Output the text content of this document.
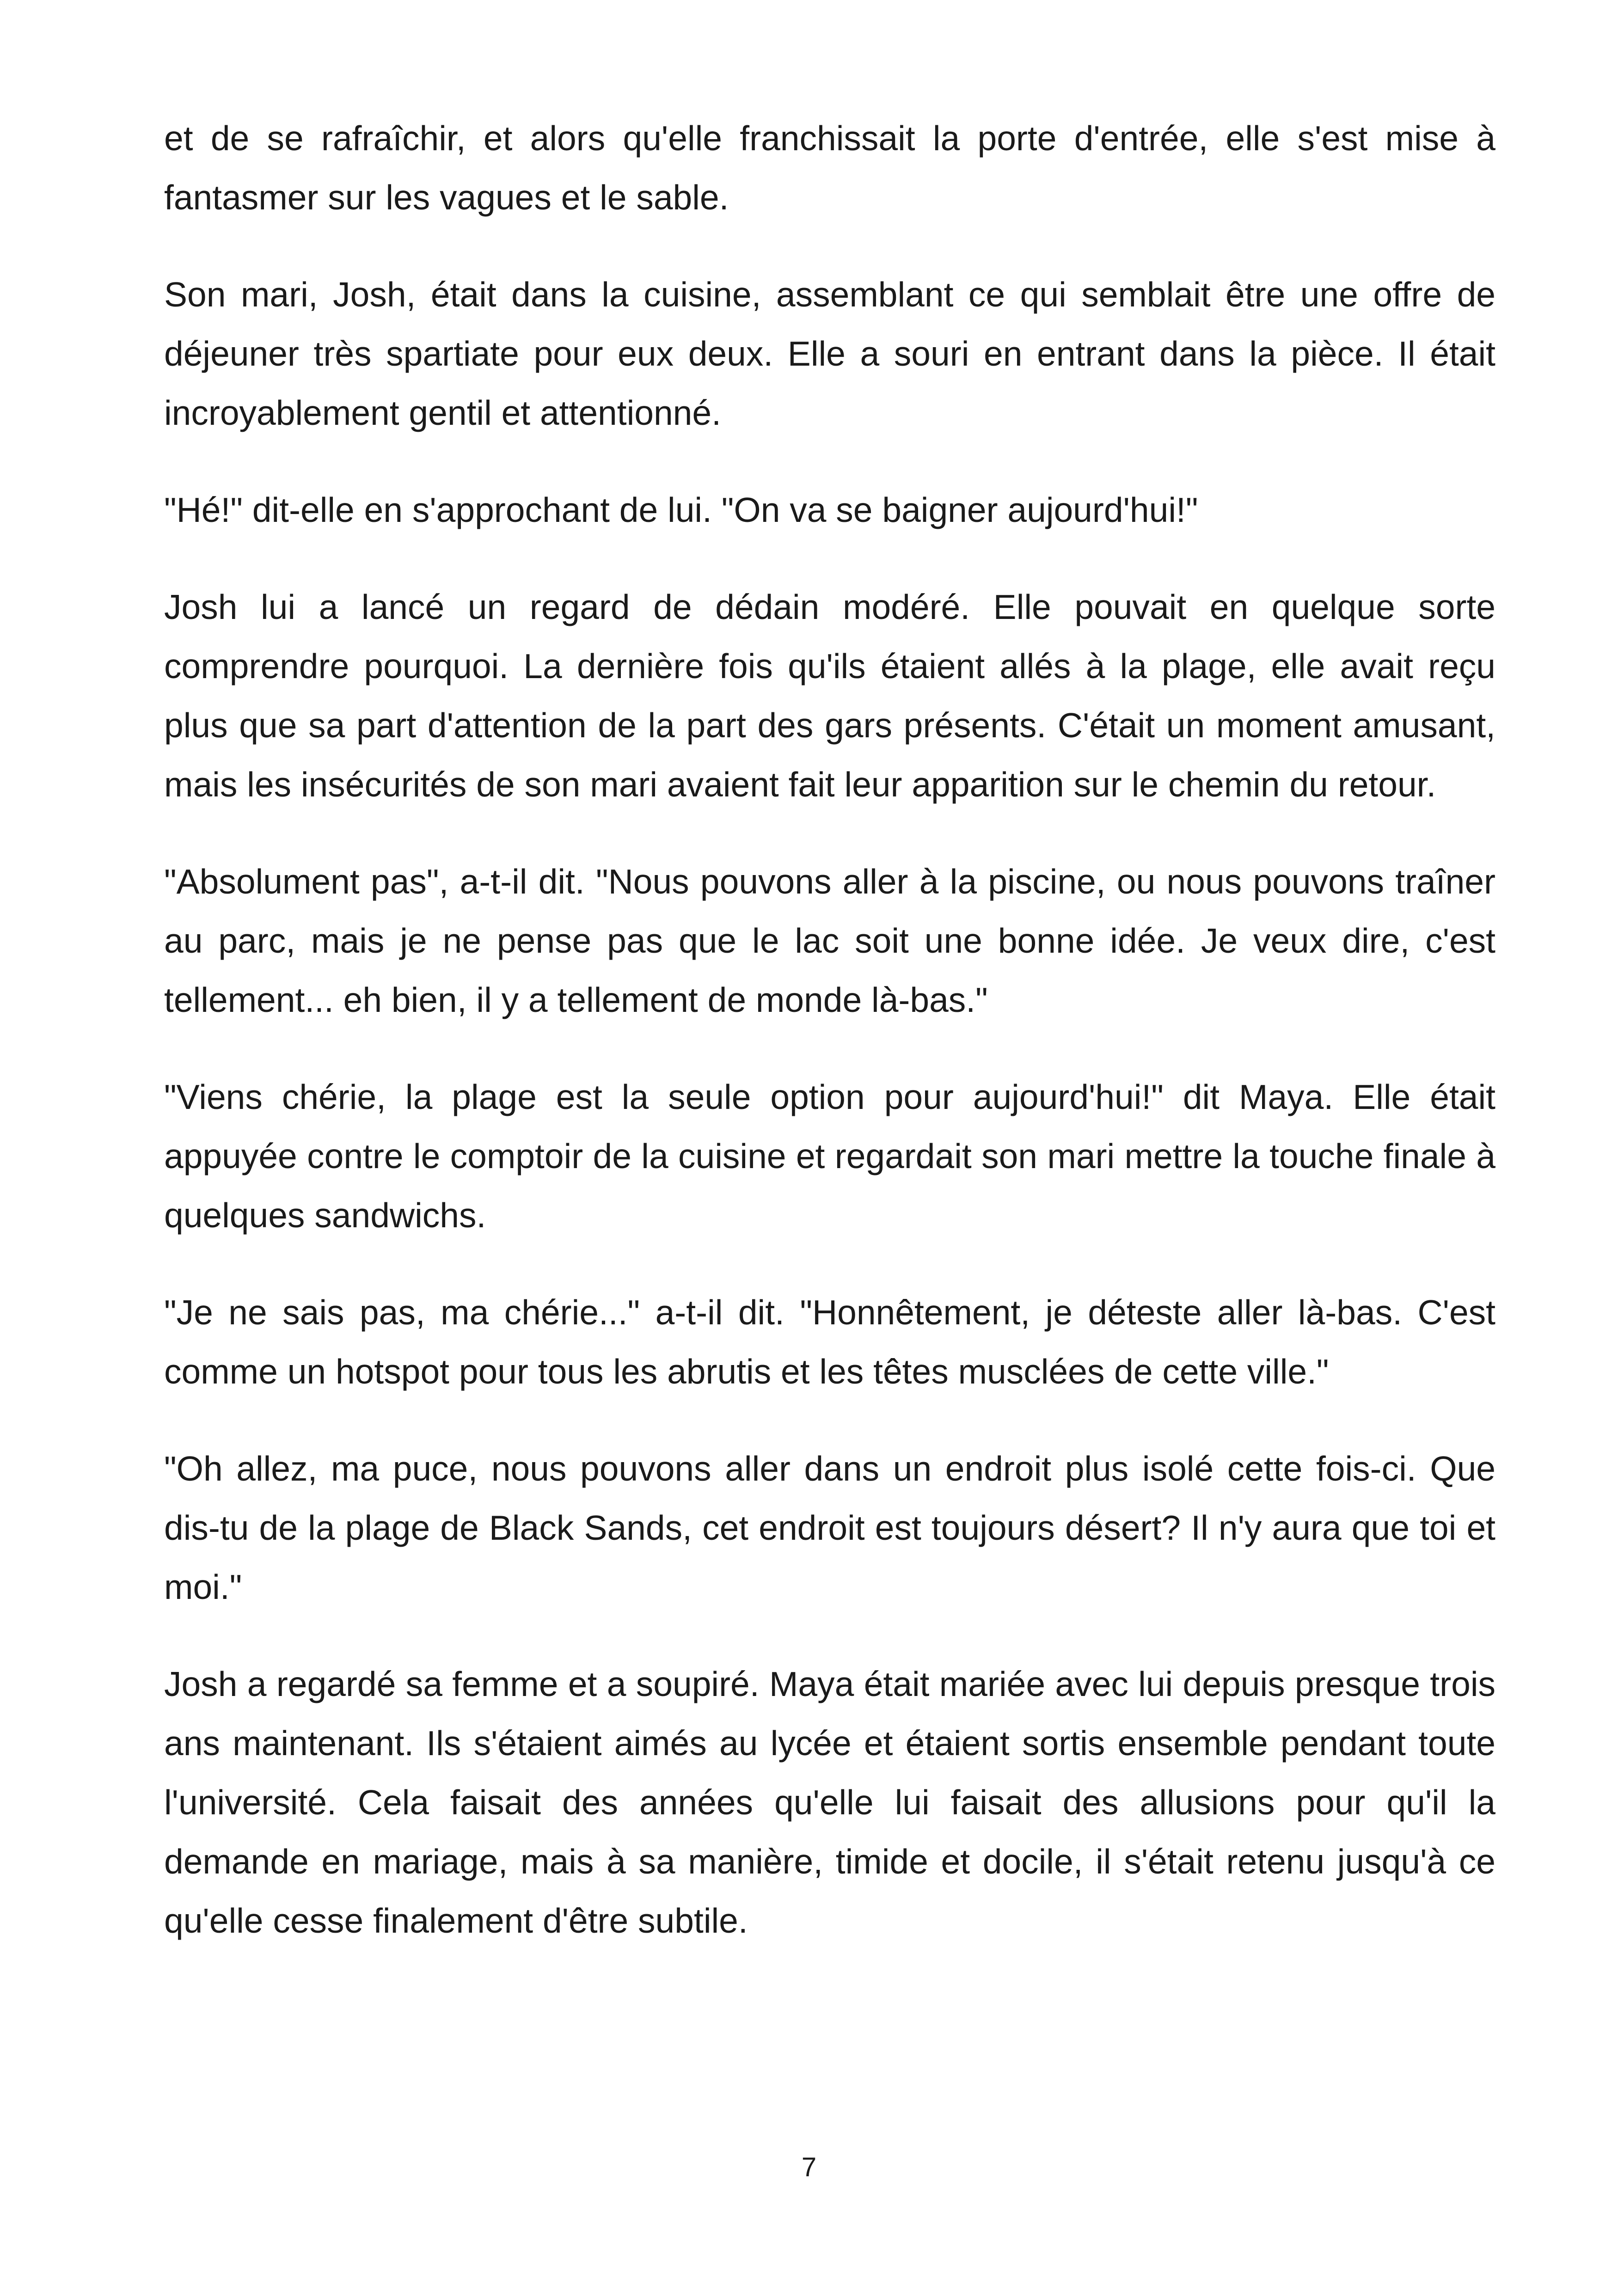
et de se rafraîchir, et alors qu'elle franchissait la porte d'entrée, elle s'est mise à fantasmer sur les vagues et le sable.

Son mari, Josh, était dans la cuisine, assemblant ce qui semblait être une offre de déjeuner très spartiate pour eux deux. Elle a souri en entrant dans la pièce. Il était incroyablement gentil et attentionné.

"Hé!" dit-elle en s'approchant de lui. "On va se baigner aujourd'hui!"

Josh lui a lancé un regard de dédain modéré. Elle pouvait en quelque sorte comprendre pourquoi. La dernière fois qu'ils étaient allés à la plage, elle avait reçu plus que sa part d'attention de la part des gars présents. C'était un moment amusant, mais les insécurités de son mari avaient fait leur apparition sur le chemin du retour.

"Absolument pas", a-t-il dit. "Nous pouvons aller à la piscine, ou nous pouvons traîner au parc, mais je ne pense pas que le lac soit une bonne idée. Je veux dire, c'est tellement... eh bien, il y a tellement de monde là-bas."

"Viens chérie, la plage est la seule option pour aujourd'hui!" dit Maya. Elle était appuyée contre le comptoir de la cuisine et regardait son mari mettre la touche finale à quelques sandwichs.

"Je ne sais pas, ma chérie..." a-t-il dit. "Honnêtement, je déteste aller là-bas. C'est comme un hotspot pour tous les abrutis et les têtes musclées de cette ville."

"Oh allez, ma puce, nous pouvons aller dans un endroit plus isolé cette fois-ci. Que dis-tu de la plage de Black Sands, cet endroit est toujours désert? Il n'y aura que toi et moi."

Josh a regardé sa femme et a soupiré. Maya était mariée avec lui depuis presque trois ans maintenant. Ils s'étaient aimés au lycée et étaient sortis ensemble pendant toute l'université. Cela faisait des années qu'elle lui faisait des allusions pour qu'il la demande en mariage, mais à sa manière, timide et docile, il s'était retenu jusqu'à ce qu'elle cesse finalement d'être subtile.

7
